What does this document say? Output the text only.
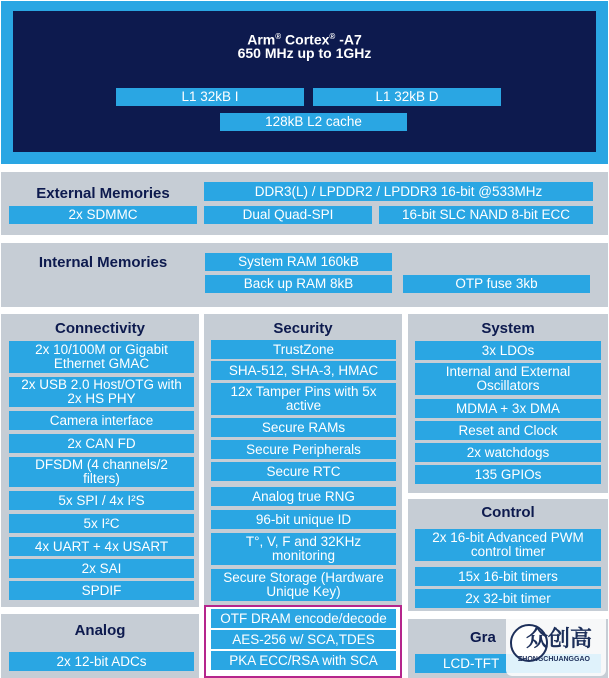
Arm® Cortex® -A7
650 MHz up to 1GHz
L1 32kB I	L1 32kB D
128kB L2 cache
External Memories	DDR3(L) / LPDDR2 / LPDDR3 16-bit @533MHz
2x SDMMC	Dual Quad-SPI	16-bit SLC NAND 8-bit ECC
Internal Memories	System RAM 160kB
Back up RAM 8kB	OTP fuse 3kb
Connectivity
2x 10/100M or Gigabit Ethernet GMAC
2x USB 2.0 Host/OTG with 2x HS PHY
Camera interface
2x CAN FD
DFSDM (4 channels/2 filters)
5x SPI / 4x I²S
5x I²C
4x UART + 4x USART
2x SAI
SPDIF
Security
TrustZone
SHA-512, SHA-3, HMAC
12x Tamper Pins with 5x active
Secure RAMs
Secure Peripherals
Secure RTC
Analog true RNG
96-bit unique ID
T°, V, F and 32KHz monitoring
Secure Storage (Hardware Unique Key)
OTF DRAM encode/decode
AES-256 w/ SCA,TDES
PKA ECC/RSA with SCA
System
3x LDOs
Internal and External Oscillators
MDMA + 3x DMA
Reset and Clock
2x watchdogs
135 GPIOs
Control
2x 16-bit Advanced PWM control timer
15x 16-bit timers
2x 32-bit timer
Analog
2x 12-bit ADCs
Gra
LCD-TFT
众创高
ZHONGCHUANGGAO
